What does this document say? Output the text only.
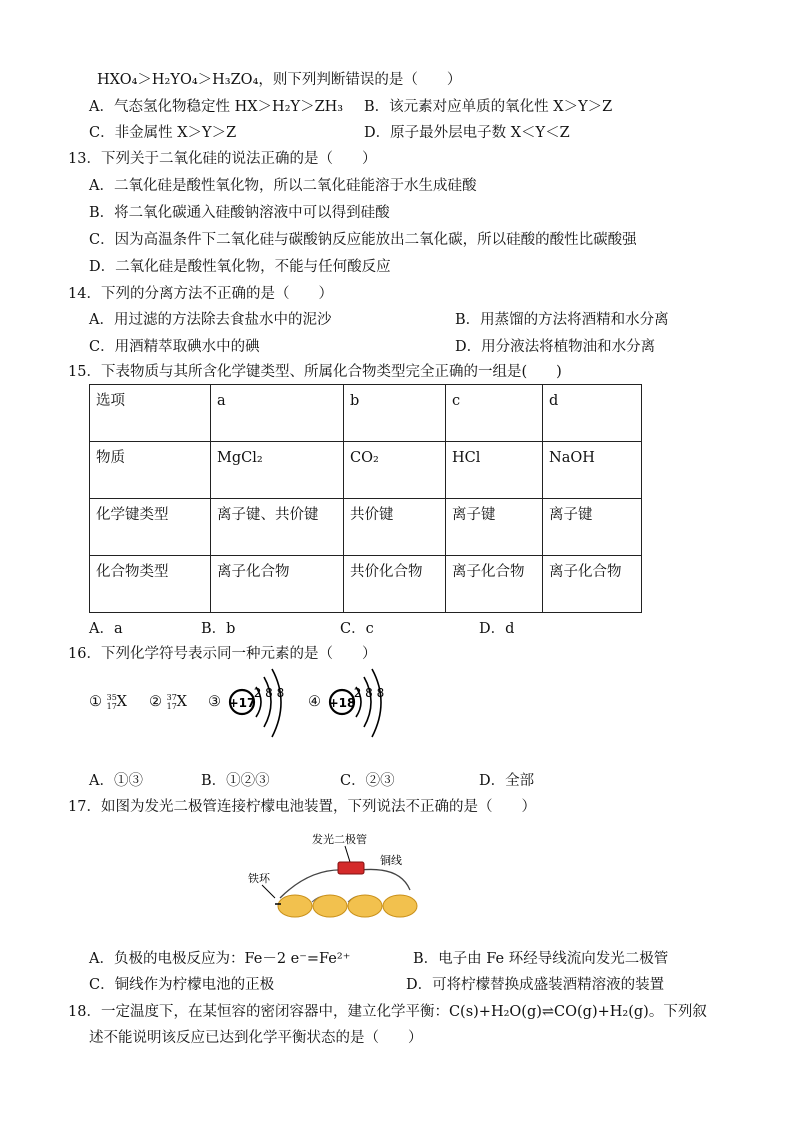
HXO₄＞H₂YO₄＞H₃ZO₄，则下列判断错误的是（　　）
A．气态氢化物稳定性 HX＞H₂Y＞ZH₃ B．该元素对应单质的氧化性 X＞Y＞Z
C．非金属性 X＞Y＞Z	D．原子最外层电子数 X＜Y＜Z
13．下列关于二氧化硅的说法正确的是（　　）
A．二氧化硅是酸性氧化物，所以二氧化硅能溶于水生成硅酸
B．将二氧化碳通入硅酸钠溶液中可以得到硅酸
C．因为高温条件下二氧化硅与碳酸钠反应能放出二氧化碳，所以硅酸的酸性比碳酸强
D．二氧化硅是酸性氧化物，不能与任何酸反应
14．下列的分离方法不正确的是（　　）
A．用过滤的方法除去食盐水中的泥沙	B．用蒸馏的方法将酒精和水分离
C．用酒精萃取碘水中的碘	D．用分液法将植物油和水分离
15．下表物质与其所含化学键类型、所属化合物类型完全正确的一组是(　　)
选项	a	b	c	d
物质	MgCl₂	CO₂	HCl	NaOH
化学键类型	离子键、共价键	共价键	离子键	离子键
化合物类型	离子化合物	共价化合物	离子化合物	离子化合物
A．a	B．b	C．c	D．d
16．下列化学符号表示同一种元素的是（　　）
① 35
17 X ② 37
17 X ③ +17
2 8 8
④ +18
2 8 8
A．①③	B．①②③	C．②③	D．全部
17．如图为发光二极管连接柠檬电池装置，下列说法不正确的是（　　）
发光二极管
铜线
铁环
A．负极的电极反应为：Fe－2 e⁻=Fe²⁺	B．电子由 Fe 环经导线流向发光二极管
C．铜线作为柠檬电池的正极	D．可将柠檬替换成盛装酒精溶液的装置
18．一定温度下，在某恒容的密闭容器中，建立化学平衡：C(s)+H₂O(g)⇌CO(g)+H₂(g)。下列叙
述不能说明该反应已达到化学平衡状态的是（　　）
